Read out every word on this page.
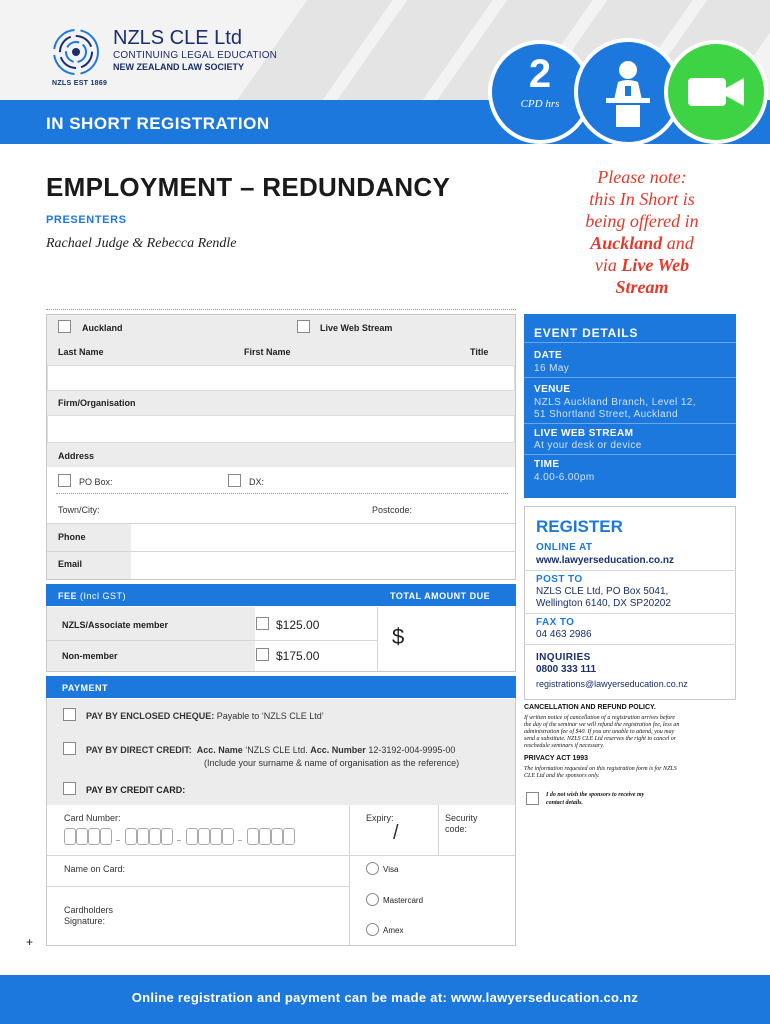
NZLS CLE Ltd
CONTINUING LEGAL EDUCATION
NEW ZEALAND LAW SOCIETY
NZLS EST 1869
IN SHORT REGISTRATION
2
CPD hrs
EMPLOYMENT – REDUNDANCY
PRESENTERS
Rachael Judge & Rebecca Rendle
Please note:
this In Short is
being offered in
Auckland and
via Live Web
Stream
Auckland	Live Web Stream
Last Name	First Name	Title
Firm/Organisation
Address
PO Box:	DX:
Town/City:	Postcode:
Phone
Email
FEE (Incl GST)	TOTAL AMOUNT DUE
NZLS/Associate member	$125.00
Non-member	$175.00
$
PAYMENT
PAY BY ENCLOSED CHEQUE: Payable to ‘NZLS CLE Ltd’
PAY BY DIRECT CREDIT: Acc. Name ‘NZLS CLE Ltd. Acc. Number 12-3192-004-9995-00
(Include your surname & name of organisation as the reference)
PAY BY CREDIT CARD:
Card Number:
	Expiry:
/
Security code:
Name on Card:
Cardholders
Signature:
Visa
Mastercard
Amex
+
EVENT DETAILS
DATE
16 May
VENUE
NZLS Auckland Branch, Level 12,
51 Shortland Street, Auckland
LIVE WEB STREAM
At your desk or device
TIME
4.00-6.00pm
REGISTER
ONLINE AT
www.lawyerseducation.co.nz
POST TO
NZLS CLE Ltd, PO Box 5041,
Wellington 6140, DX SP20202
FAX TO
04 463 2986
INQUIRIES
0800 333 111
registrations@lawyerseducation.co.nz
CANCELLATION AND REFUND POLICY.
If written notice of cancellation of a registration arrives before
the day of the seminar we will refund the registration fee, less an
administration fee of $40. If you are unable to attend, you may
send a substitute. NZLS CLE Ltd reserves the right to cancel or
reschedule seminars if necessary.
PRIVACY ACT 1993
The information requested on this registration form is for NZLS
CLE Ltd and the sponsors only.
I do not wish the sponsors to receive my
contact details.
Online registration and payment can be made at: www.lawyerseducation.co.nz
